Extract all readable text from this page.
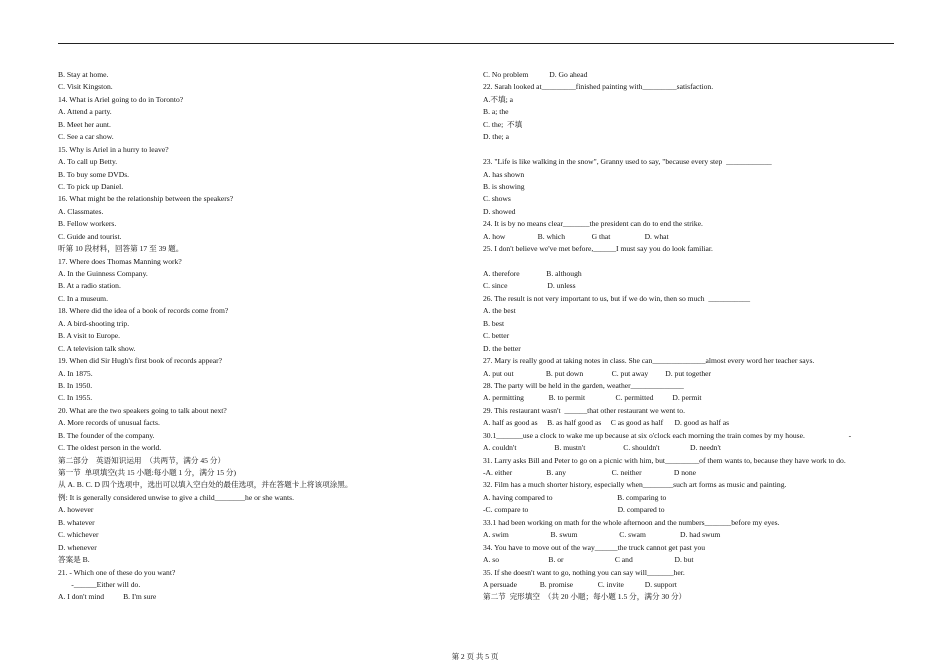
B. Stay at home.
C. Visit Kingston.
14. What is Ariel going to do in Toronto?
A. Attend a party.
B. Meet her aunt.
C. See a car show.
15. Why is Ariel in a hurry to leave?
A. To call up Betty.
B. To buy some DVDs.
C. To pick up Daniel.
16. What might be the relationship between the speakers?
A. Classmates.
B. Fellow workers.
C. Guide and tourist.
听第 10 段材料，回答第 17 至 39 题。
17. Where does Thomas Manning work?
A. In the Guinness Company.
B. At a radio station.
C. In a museum.
18. Where did the idea of a book of records come from?
A. A bird-shooting trip.
B. A visit to Europe.
C. A television talk show.
19. When did Sir Hugh's first book of records appear?
A. In 1875.
B. In 1950.
C. In 1955.
20. What are the two speakers going to talk about next?
A. More records of unusual facts.
B. The founder of the company.
C. The oldest person in the world.
第二部分    英语知识运用  （共两节，满分 45 分）
第一节  单项填空(共 15 小题:每小题 1 分，满分 15 分)
从 A. B. C. D 四个选项中，选出可以填入空白处的最佳选项，并在答题卡上将该项涂黑。
例: It is generally considered unwise to give a child________he or she wants.
A. however
B. whatever
C. whichever
D. whenever
答案是 B.
21. - Which one of these do you want?
-______Either will do.
A. I don't mind          B. I'm sure
C. No problem           D. Go ahead
22. Sarah looked at_________finished painting with_________satisfaction.
A.不填; a
B. a; the
C. the;  不填
D. the; a
23. "Life is like walking in the snow", Granny used to say, "because every step  ____________
A. has shown
B. is showing
C. shows
D. showed
24. It is by no means clear_______the president can do to end the strike.
A. how                 B. which              G that                  D. what
25. I don't believe we've met before,______I must say you do look familiar.
A. therefore              B. although
C. since                     D. unless
26. The result is not very important to us, but if we do win, then so much  ___________
A. the best
B. best
C. better
D. the better
27. Mary is really good at taking notes in class. She can______________almost every word her teacher says.
A. put out                 B. put down               C. put away         D. put together
28. The party will be held in the garden, weather______________
A. permitting             B. to permit                C. permitted          D. permit
29. This restaurant wasn't  ______that other restaurant we went to.
A. half as good as     B. as half good as     C as good as half      D. good as half as
30.1_______use a clock to wake me up because at six o'clock each morning the train comes by my house.                       -
A. couldn't                    B. mustn't                    C. shouldn't                D. needn't
31. Larry asks Bill and Peter to go on a picnic with him, but_________of them wants to, because they have work to do.
-A. either                  B. any                        C. neither                 D none
32. Film has a much shorter history, especially when________such art forms as music and painting.
A. having compared to                                  B. comparing to
-C. compare to                                               D. compared to
33.1 had been working on math for the whole afternoon and the numbers_______before my eyes.
A. swim                      B. swum                      C. swam                  D. had swum
34. You have to move out of the way______the truck cannot get past you
A. so                          B. or                           C and                      D. but
35. If she doesn't want to go, nothing you can say will_______her.
A persuade            B. promise             C. invite           D. support
第二节  完形填空  （共 20 小题；每小题 1.5 分，满分 30 分）
第 2 页 共 5 页
